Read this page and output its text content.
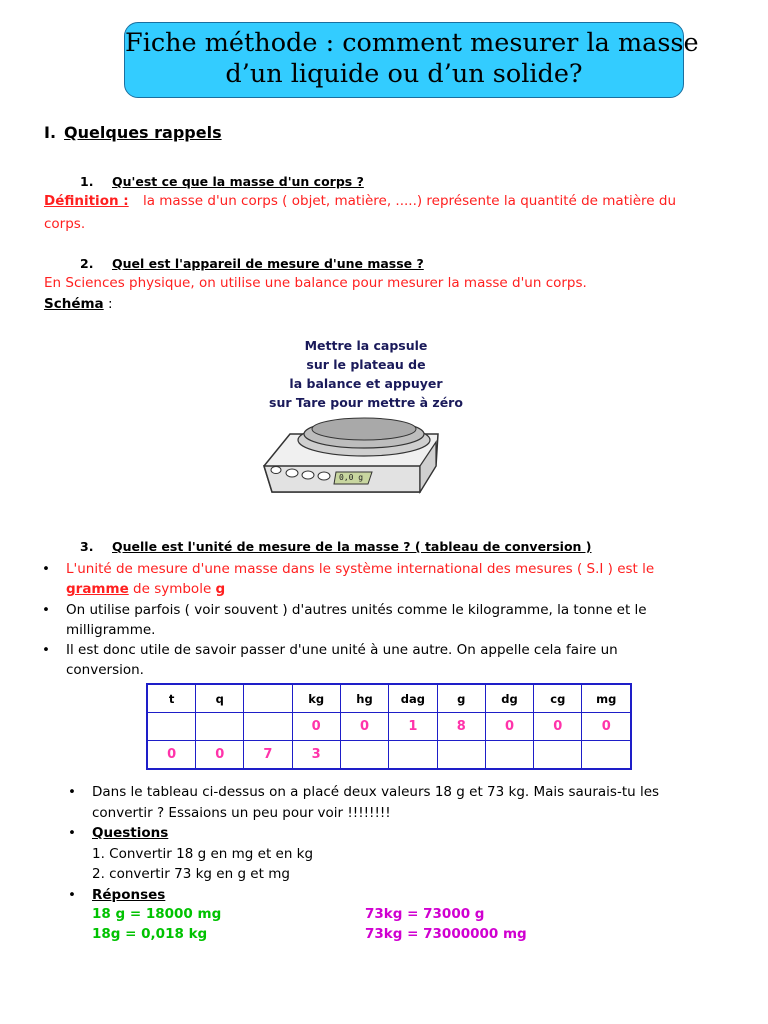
Fiche méthode : comment mesurer la masse
d’un liquide ou d’un solide?
I. Quelques rappels
1. Qu'est ce que la masse d'un corps ?
Définition : la masse d'un corps ( objet, matière, .....) représente la quantité de matière du
corps.
2. Quel est l'appareil de mesure d'une masse ?
En Sciences physique, on utilise une balance pour mesurer la masse d'un corps.
Schéma :
Mettre la capsule
sur le plateau de
la balance et appuyer
sur Tare pour mettre à zéro
0,0 g
3. Quelle est l'unité de mesure de la masse ? ( tableau de conversion )
•	L'unité de mesure d'une masse dans le système international des mesures ( S.I ) est le
gramme de symbole g
•	On utilise parfois ( voir souvent ) d'autres unités comme le kilogramme, la tonne et le
milligramme.
•	Il est donc utile de savoir passer d'une unité à une autre. On appelle cela faire un
conversion.
t	q		kg	hg	dag	g	dg	cg	mg
			0	0	1	8	0	0	0
0	0	7	3						
•	Dans le tableau ci-dessus on a placé deux valeurs 18 g et 73 kg. Mais saurais-tu les
convertir ? Essaions un peu pour voir !!!!!!!!
•	Questions
1. Convertir 18 g en mg et en kg
2. convertir 73 kg en g et mg
•	Réponses
18 g = 18000 mg
18g = 0,018 kg
73kg = 73000 g
73kg = 73000000 mg
